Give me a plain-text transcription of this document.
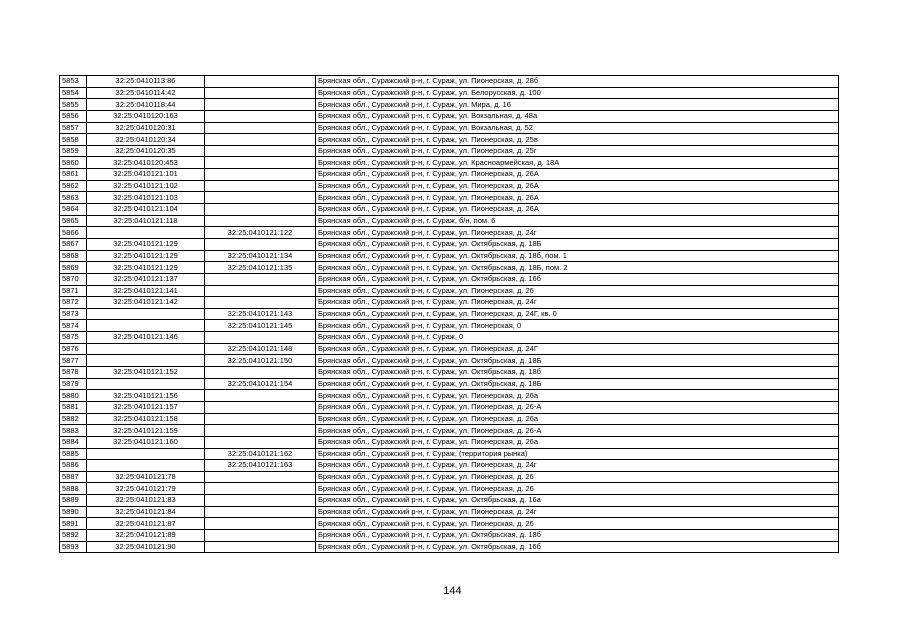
5853	32:25:0410113:86		Брянская обл., Суражский р-н, г. Сураж, ул. Пионерская, д. 28б
5854	32:25:0410114:42		Брянская обл., Суражский р-н, г. Сураж, ул. Белорусская, д. 100
5855	32:25:0410118:44		Брянская обл., Суражский р-н, г. Сураж, ул. Мира, д. 16
5856	32:25:0410120:163		Брянская обл., Суражский р-н, г. Сураж, ул. Вокзальная, д. 48а
5857	32:25:0410120:31		Брянская обл., Суражский р-н, г. Сураж, ул. Вокзальная, д. 52
5858	32:25:0410120:34		Брянская обл., Суражский р-н, г. Сураж, ул. Пионерская, д. 25в
5859	32:25:0410120:35		Брянская обл., Суражский р-н, г. Сураж, ул. Пионерская, д. 25г
5860	32:25:0410120:453		Брянская обл., Суражский р-н, г. Сураж, ул. Красноармейская, д. 18А
5861	32:25:0410121:101		Брянская обл., Суражский р-н, г. Сураж, ул. Пионерская, д. 26А
5862	32:25:0410121:102		Брянская обл., Суражский р-н, г. Сураж, ул. Пионерская, д. 26А
5863	32:25:0410121:103		Брянская обл., Суражский р-н, г. Сураж, ул. Пионерская, д. 26А
5864	32:25:0410121:104		Брянская обл., Суражский р-н, г. Сураж, ул. Пионерская, д. 26А
5865	32:25:0410121:118		Брянская обл., Суражский р-н, г. Сураж, б/н, пом. 6
5866		32:25:0410121:122	Брянская обл., Суражский р-н, г. Сураж, ул. Пионерская, д. 24г
5867	32:25:0410121:129		Брянская обл., Суражский р-н, г. Сураж, ул. Октябрьская, д. 18Б
5868	32:25:0410121:129	32:25:0410121:134	Брянская обл., Суражский р-н, г. Сураж, ул. Октябрьская, д. 18б, пом. 1
5869	32:25:0410121:129	32:25:0410121:135	Брянская обл., Суражский р-н, г. Сураж, ул. Октябрьская, д. 18Б, пом. 2
5870	32:25:0410121:137		Брянская обл., Суражский р-н, г. Сураж, ул. Октябрьская, д. 16б
5871	32:25:0410121:141		Брянская обл., Суражский р-н, г. Сураж, ул. Пионерская, д. 26
5872	32:25:0410121:142		Брянская обл., Суражский р-н, г. Сураж, ул. Пионерская, д. 24г
5873		32:25:0410121:143	Брянская обл., Суражский р-н, г. Сураж, ул. Пионерская, д. 24Г, кв. 0
5874		32:25:0410121:145	Брянская обл., Суражский р-н, г. Сураж, ул. Пионерская, 0
5875	32:25:0410121:146		Брянская обл., Суражский р-н, г. Сураж, 0
5876		32:25:0410121:148	Брянская обл., Суражский р-н, г. Сураж, ул. Пионерская, д. 24Г
5877		32:25:0410121:150	Брянская обл., Суражский р-н, г. Сураж, ул. Октябрьская, д. 18Б
5878	32:25:0410121:152		Брянская обл., Суражский р-н, г. Сураж, ул. Октябрьская, д. 18б
5879		32:25:0410121:154	Брянская обл., Суражский р-н, г. Сураж, ул. Октябрьская, д. 18Б
5880	32:25:0410121:156		Брянская обл., Суражский р-н, г. Сураж, ул. Пионерская, д. 26а
5881	32:25:0410121:157		Брянская обл., Суражский р-н, г. Сураж, ул. Пионерская, д. 26-А
5882	32:25:0410121:158		Брянская обл., Суражский р-н, г. Сураж, ул. Пионерская, д. 26а
5883	32:25:0410121:159		Брянская обл., Суражский р-н, г. Сураж, ул. Пионерская, д. 26-А
5884	32:25:0410121:160		Брянская обл., Суражский р-н, г. Сураж, ул. Пионерская, д. 26а
5885		32:25:0410121:162	Брянская обл., Суражский р-н, г. Сураж, (территория рынка)
5886		32:25:0410121:163	Брянская обл., Суражский р-н, г. Сураж, ул. Пионерская, д. 24г
5887	32:25:0410121:78		Брянская обл., Суражский р-н, г. Сураж, ул. Пионерская, д. 26
5888	32:25:0410121:79		Брянская обл., Суражский р-н, г. Сураж, ул. Пионерская, д. 26
5889	32:25:0410121:83		Брянская обл., Суражский р-н, г. Сураж, ул. Октябрьская, д. 16а
5890	32:25:0410121:84		Брянская обл., Суражский р-н, г. Сураж, ул. Пионерская, д. 24г
5891	32:25:0410121:87		Брянская обл., Суражский р-н, г. Сураж, ул. Пионерская, д. 26
5892	32:25:0410121:89		Брянская обл., Суражский р-н, г. Сураж, ул. Октябрьская, д. 18б
5893	32:25:0410121:90		Брянская обл., Суражский р-н, г. Сураж, ул. Октябрьская, д. 16б
144
